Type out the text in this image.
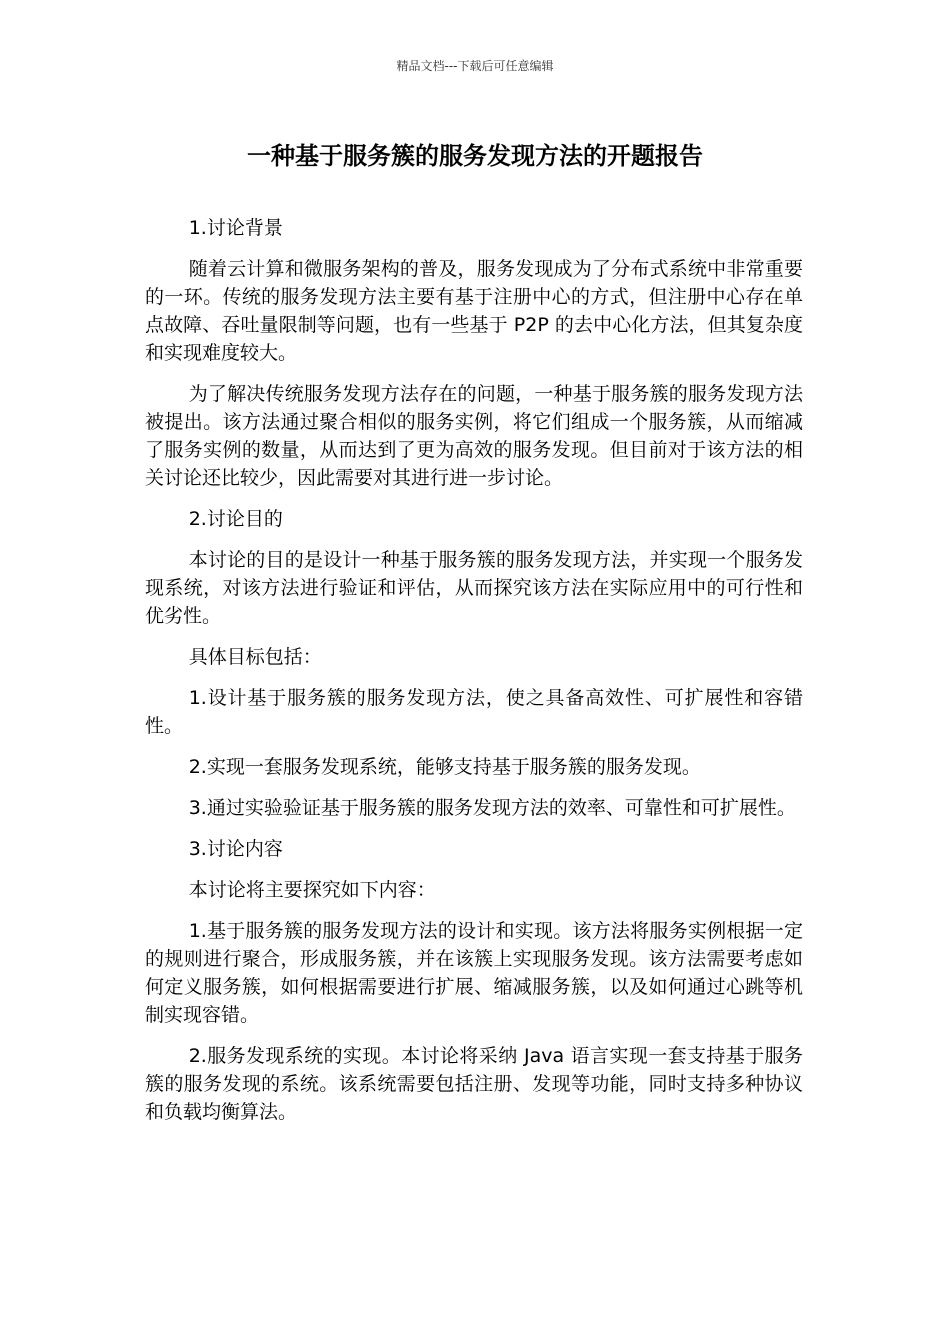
精品文档---下载后可任意编辑
一种基于服务簇的服务发现方法的开题报告

1.讨论背景

随着云计算和微服务架构的普及，服务发现成为了分布式系统中非常重要的一环。传统的服务发现方法主要有基于注册中心的方式，但注册中心存在单点故障、吞吐量限制等问题，也有一些基于 P2P 的去中心化方法，但其复杂度和实现难度较大。

为了解决传统服务发现方法存在的问题，一种基于服务簇的服务发现方法被提出。该方法通过聚合相似的服务实例，将它们组成一个服务簇，从而缩减了服务实例的数量，从而达到了更为高效的服务发现。但目前对于该方法的相关讨论还比较少，因此需要对其进行进一步讨论。

2.讨论目的

本讨论的目的是设计一种基于服务簇的服务发现方法，并实现一个服务发现系统，对该方法进行验证和评估，从而探究该方法在实际应用中的可行性和优劣性。

具体目标包括：

1.设计基于服务簇的服务发现方法，使之具备高效性、可扩展性和容错性。

2.实现一套服务发现系统，能够支持基于服务簇的服务发现。

3.通过实验验证基于服务簇的服务发现方法的效率、可靠性和可扩展性。

3.讨论内容

本讨论将主要探究如下内容：

1.基于服务簇的服务发现方法的设计和实现。该方法将服务实例根据一定的规则进行聚合，形成服务簇，并在该簇上实现服务发现。该方法需要考虑如何定义服务簇，如何根据需要进行扩展、缩减服务簇，以及如何通过心跳等机制实现容错。

2.服务发现系统的实现。本讨论将采纳 Java 语言实现一套支持基于服务簇的服务发现的系统。该系统需要包括注册、发现等功能，同时支持多种协议和负载均衡算法。
